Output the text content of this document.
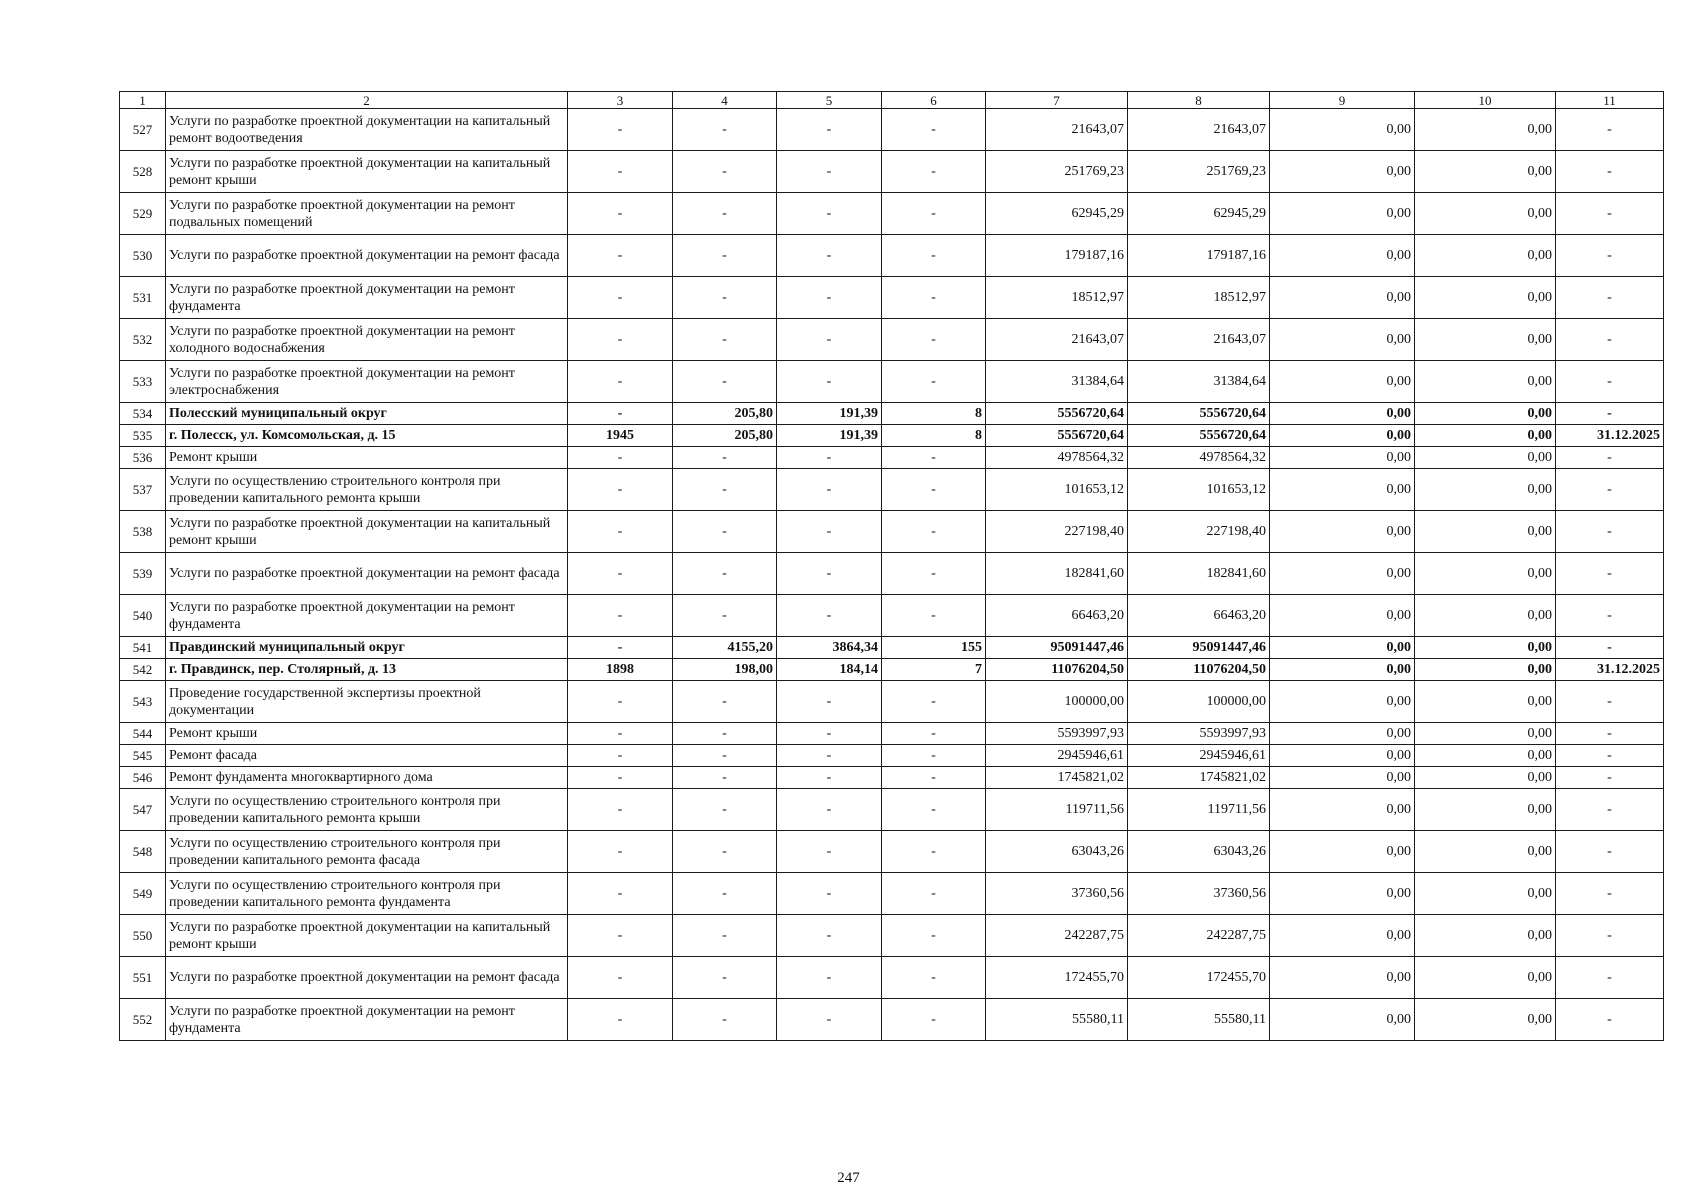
1	2	3	4	5	6	7	8	9	10	11
527	Услуги по разработке проектной документации на капитальный ремонт водоотведения	-	-	-	-	21643,07	21643,07	0,00	0,00	-
528	Услуги по разработке проектной документации на капитальный ремонт крыши	-	-	-	-	251769,23	251769,23	0,00	0,00	-
529	Услуги по разработке проектной документации на ремонт подвальных помещений	-	-	-	-	62945,29	62945,29	0,00	0,00	-
530	Услуги по разработке проектной документации на ремонт фасада	-	-	-	-	179187,16	179187,16	0,00	0,00	-
531	Услуги по разработке проектной документации на ремонт фундамента	-	-	-	-	18512,97	18512,97	0,00	0,00	-
532	Услуги по разработке проектной документации на ремонт холодного водоснабжения	-	-	-	-	21643,07	21643,07	0,00	0,00	-
533	Услуги по разработке проектной документации на ремонт электроснабжения	-	-	-	-	31384,64	31384,64	0,00	0,00	-
534	Полесский муниципальный округ	-	205,80	191,39	8	5556720,64	5556720,64	0,00	0,00	-
535	г. Полесск, ул. Комсомольская, д. 15	1945	205,80	191,39	8	5556720,64	5556720,64	0,00	0,00	31.12.2025
536	Ремонт крыши	-	-	-	-	4978564,32	4978564,32	0,00	0,00	-
537	Услуги по осуществлению строительного контроля при проведении капитального ремонта крыши	-	-	-	-	101653,12	101653,12	0,00	0,00	-
538	Услуги по разработке проектной документации на капитальный ремонт крыши	-	-	-	-	227198,40	227198,40	0,00	0,00	-
539	Услуги по разработке проектной документации на ремонт фасада	-	-	-	-	182841,60	182841,60	0,00	0,00	-
540	Услуги по разработке проектной документации на ремонт фундамента	-	-	-	-	66463,20	66463,20	0,00	0,00	-
541	Правдинский муниципальный округ	-	4155,20	3864,34	155	95091447,46	95091447,46	0,00	0,00	-
542	г. Правдинск, пер. Столярный, д. 13	1898	198,00	184,14	7	11076204,50	11076204,50	0,00	0,00	31.12.2025
543	Проведение государственной экспертизы проектной документации	-	-	-	-	100000,00	100000,00	0,00	0,00	-
544	Ремонт крыши	-	-	-	-	5593997,93	5593997,93	0,00	0,00	-
545	Ремонт фасада	-	-	-	-	2945946,61	2945946,61	0,00	0,00	-
546	Ремонт фундамента многоквартирного дома	-	-	-	-	1745821,02	1745821,02	0,00	0,00	-
547	Услуги по осуществлению строительного контроля при проведении капитального ремонта крыши	-	-	-	-	119711,56	119711,56	0,00	0,00	-
548	Услуги по осуществлению строительного контроля при проведении капитального ремонта фасада	-	-	-	-	63043,26	63043,26	0,00	0,00	-
549	Услуги по осуществлению строительного контроля при проведении капитального ремонта фундамента	-	-	-	-	37360,56	37360,56	0,00	0,00	-
550	Услуги по разработке проектной документации на капитальный ремонт крыши	-	-	-	-	242287,75	242287,75	0,00	0,00	-
551	Услуги по разработке проектной документации на ремонт фасада	-	-	-	-	172455,70	172455,70	0,00	0,00	-
552	Услуги по разработке проектной документации на ремонт фундамента	-	-	-	-	55580,11	55580,11	0,00	0,00	-
247
